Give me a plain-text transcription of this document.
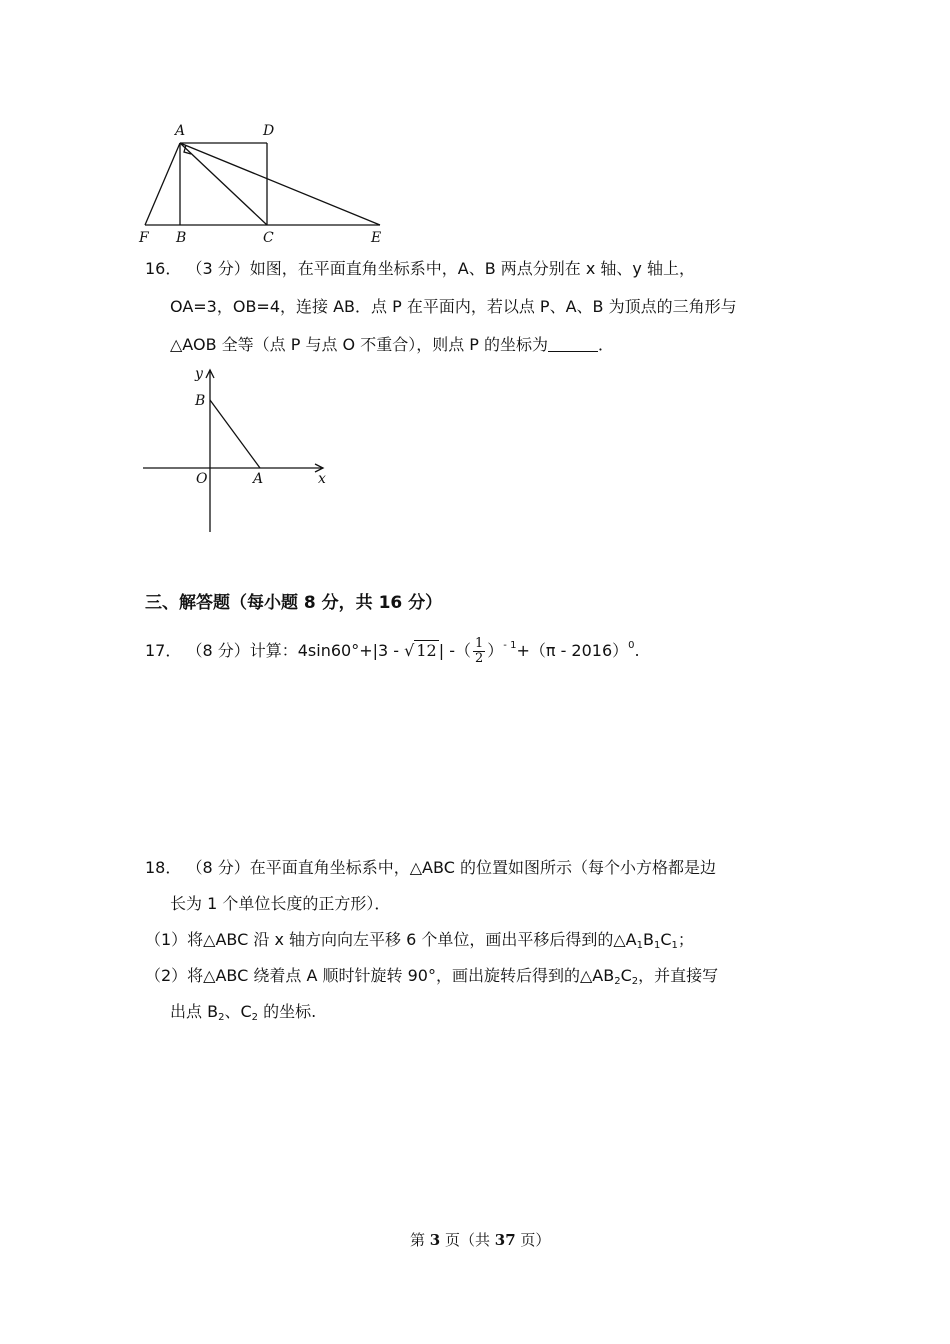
A	D
F B	C	E
16． （3 分）如图，在平面直角坐标系中，A、B 两点分别在 x 轴、y 轴上，
OA=3，OB=4，连接 AB．点 P 在平面内，若以点 P、A、B 为顶点的三角形与
△AOB 全等（点 P 与点 O 不重合），则点 P 的坐标为	．
y
x
B
O	A
三、解答题（每小题 8 分，共 16 分）
17． （8 分）计算：4sin60°+|3 - √ 12 | -（ $\frac{1}{2} )^{- 1}+(\pi - 2016)^0$.
18． （8 分）在平面直角坐标系中，△ABC 的位置如图所示（每个小方格都是边
长为 1 个单位长度的正方形）．
（1）将△ABC 沿 x 轴方向向左平移 6 个单位，画出平移后得到的$\triangle A_1B_1C_1$；
（2）将△ABC 绕着点 A 顺时针旋转 90°，画出旋转后得到的$\triangle AB_2C_2$，并直接写
出点 $B_2$、$C_2$ 的坐标.
第 3 页（共 37 页）
